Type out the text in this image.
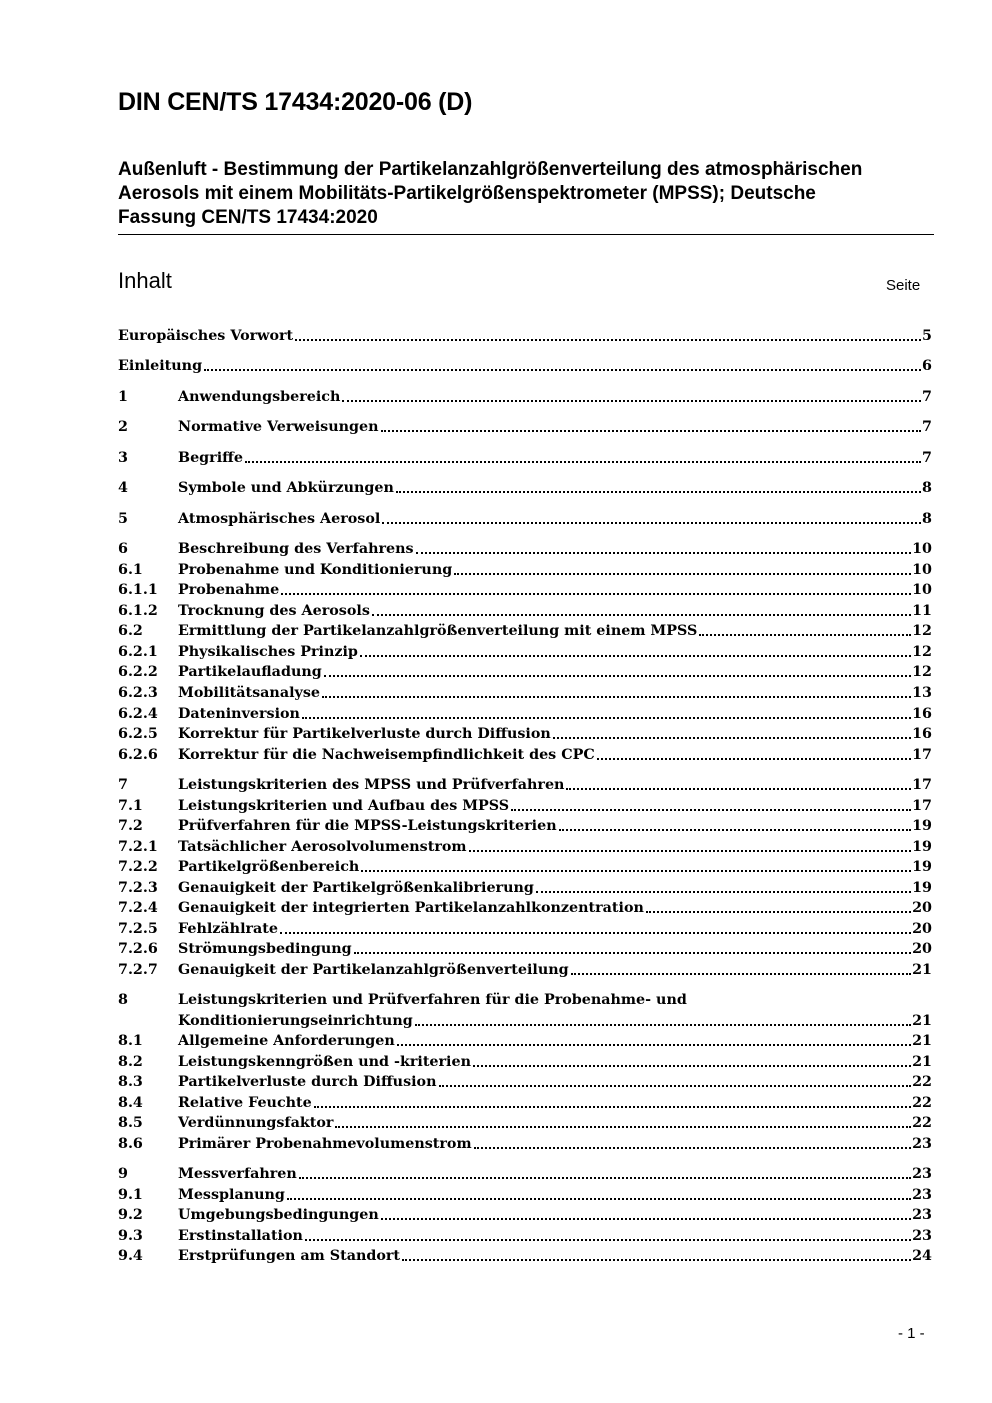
DIN CEN/TS 17434:2020-06 (D)
Außenluft - Bestimmung der Partikelanzahlgrößenverteilung des atmosphärischen
Aerosols mit einem Mobilitäts-Partikelgrößenspektrometer (MPSS); Deutsche
Fassung CEN/TS 17434:2020
Inhalt	Seite
Europäisches Vorwort	5
Einleitung	6
1	Anwendungsbereich	7
2	Normative Verweisungen	7
3	Begriffe	7
4	Symbole und Abkürzungen	8
5	Atmosphärisches Aerosol	8
6	Beschreibung des Verfahrens	10
6.1	Probenahme und Konditionierung	10
6.1.1	Probenahme	10
6.1.2	Trocknung des Aerosols	11
6.2	Ermittlung der Partikelanzahlgrößenverteilung mit einem MPSS	12
6.2.1	Physikalisches Prinzip	12
6.2.2	Partikelaufladung	12
6.2.3	Mobilitätsanalyse	13
6.2.4	Dateninversion	16
6.2.5	Korrektur für Partikelverluste durch Diffusion	16
6.2.6	Korrektur für die Nachweisempfindlichkeit des CPC	17
7	Leistungskriterien des MPSS und Prüfverfahren	17
7.1	Leistungskriterien und Aufbau des MPSS	17
7.2	Prüfverfahren für die MPSS-Leistungskriterien	19
7.2.1	Tatsächlicher Aerosolvolumenstrom	19
7.2.2	Partikelgrößenbereich	19
7.2.3	Genauigkeit der Partikelgrößenkalibrierung	19
7.2.4	Genauigkeit der integrierten Partikelanzahlkonzentration	20
7.2.5	Fehlzählrate	20
7.2.6	Strömungsbedingung	20
7.2.7	Genauigkeit der Partikelanzahlgrößenverteilung	21
8	Leistungskriterien und Prüfverfahren für die Probenahme- und
Konditionierungseinrichtung	21
8.1	Allgemeine Anforderungen	21
8.2	Leistungskenngrößen und -kriterien	21
8.3	Partikelverluste durch Diffusion	22
8.4	Relative Feuchte	22
8.5	Verdünnungsfaktor	22
8.6	Primärer Probenahmevolumenstrom	23
9	Messverfahren	23
9.1	Messplanung	23
9.2	Umgebungsbedingungen	23
9.3	Erstinstallation	23
9.4	Erstprüfungen am Standort	24
- 1 -
